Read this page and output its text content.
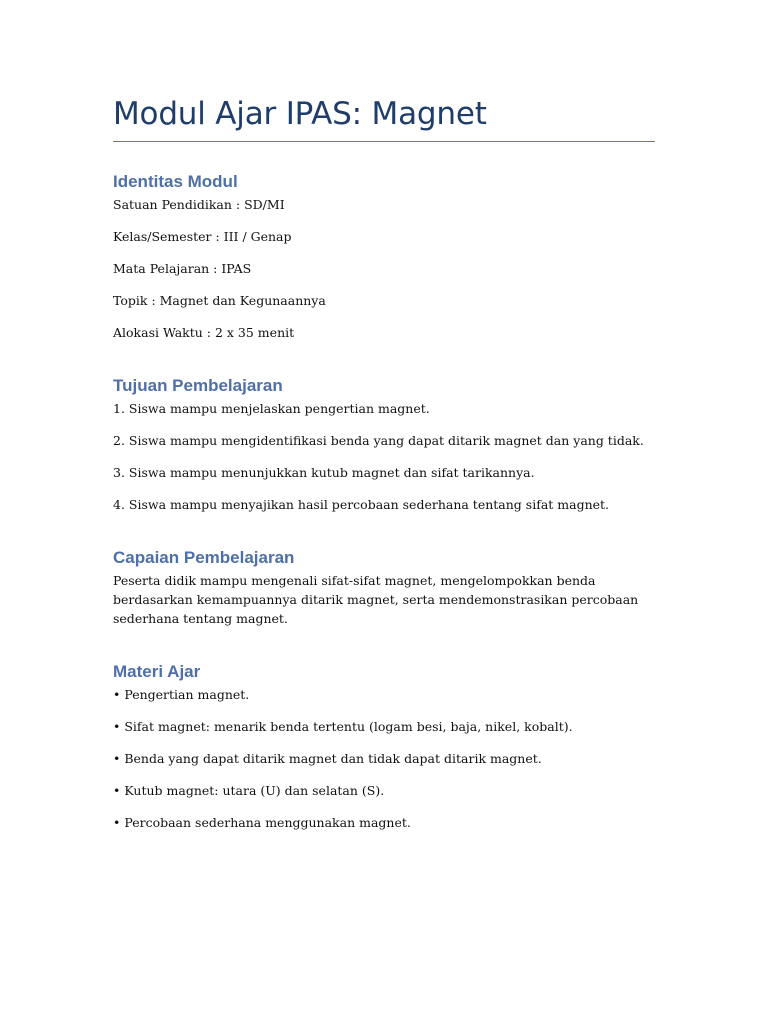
Modul Ajar IPAS: Magnet
Identitas Modul

Satuan Pendidikan : SD/MI

Kelas/Semester : III / Genap

Mata Pelajaran : IPAS

Topik : Magnet dan Kegunaannya

Alokasi Waktu : 2 x 35 menit

Tujuan Pembelajaran

1. Siswa mampu menjelaskan pengertian magnet.

2. Siswa mampu mengidentifikasi benda yang dapat ditarik magnet dan yang tidak.

3. Siswa mampu menunjukkan kutub magnet dan sifat tarikannya.

4. Siswa mampu menyajikan hasil percobaan sederhana tentang sifat magnet.

Capaian Pembelajaran

Peserta didik mampu mengenali sifat-sifat magnet, mengelompokkan benda berdasarkan kemampuannya ditarik magnet, serta mendemonstrasikan percobaan sederhana tentang magnet.

Materi Ajar

• Pengertian magnet.

• Sifat magnet: menarik benda tertentu (logam besi, baja, nikel, kobalt).

• Benda yang dapat ditarik magnet dan tidak dapat ditarik magnet.

• Kutub magnet: utara (U) dan selatan (S).

• Percobaan sederhana menggunakan magnet.
